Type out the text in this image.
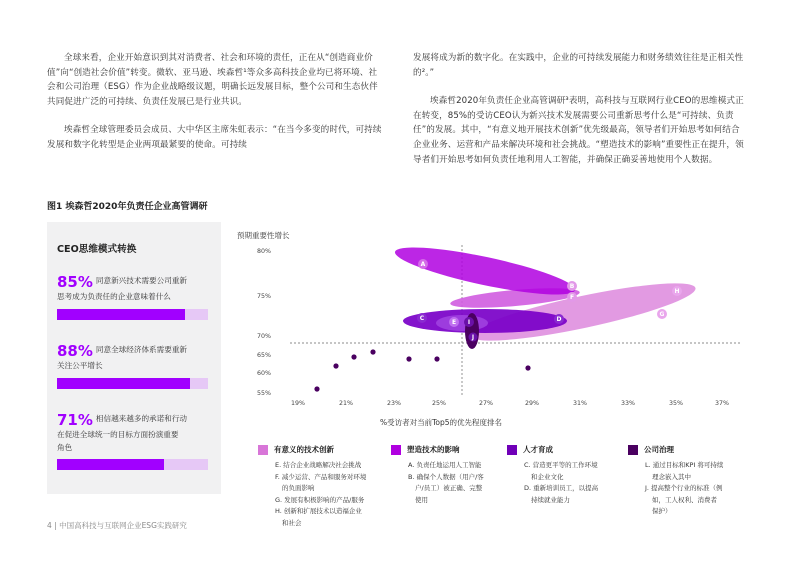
全球来看，企业开始意识到其对消费者、社会和环境的责任，正在从“创造商业价值”向“创造社会价值”转变。微软、亚马逊、埃森哲¹等众多高科技企业均已将环境、社会和公司治理（ESG）作为企业战略级议题，明确长远发展目标，整个公司和生态伙伴共同促进广泛的可持续、负责任发展已是行业共识。

埃森哲全球管理委员会成员、大中华区主席朱虹表示：“在当今多变的时代，可持续发展和数字化转型是企业两项最紧要的使命。可持续

发展将成为新的数字化。在实践中，企业的可持续发展能力和财务绩效往往是正相关性的²。”

埃森哲2020年负责任企业高管调研³表明，高科技与互联网行业CEO的思维模式正在转变，85%的受访CEO认为新兴技术发展需要公司重新思考什么是“可持续、负责任”的发展。其中，“有意义地开展技术创新”优先级最高，领导者们开始思考如何结合企业业务、运营和产品来解决环境和社会挑战。“塑造技术的影响”重要性正在提升，领导者们开始思考如何负责任地利用人工智能，并确保正确妥善地使用个人数据。

图1 埃森哲2020年负责任企业高管调研
CEO思维模式转换
85% 同意新兴技术需要公司重新
思考成为负责任的企业意味着什么
88% 同意全球经济体系需要重新
关注公平增长
71% 相信越来越多的承诺和行动
在促进全球统一的目标方面扮演重要
角色
预期重要性增长
%受访者对当前Top5的优先程度排名
80%
75%
70%
65%
60%
55%
19%	21%	23%	25%	27%	29%	31%	33%	35%	37%
A
B
C	D
E
F
G
H
I
J
有意义的技术创新
E. 结合企业战略解决社会挑战
F. 减少运营、产品和服务对环境
的负面影响
G. 发展有积极影响的产品/服务
H. 创新和扩展技术以造福企业
和社会
塑造技术的影响
A. 负责任地运用人工智能
B. 确保个人数据（用户/客
户/员工）被正确、完整
使用
人才育成
C. 营造更平等的工作环境
和企业文化
D. 重新培训员工，以提高
持续就业能力
公司治理
L. 通过目标和KPI 将可持续
理念嵌入其中
J. 提高整个行业的标准（例
如，工人权利、消费者
保护）
4 | 中国高科技与互联网企业ESG实践研究
